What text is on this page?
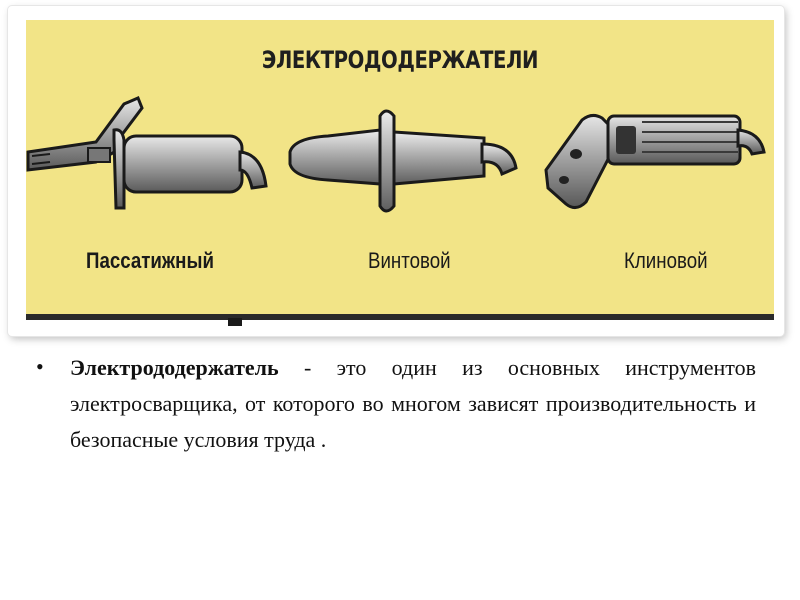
ЭЛЕКТРОДОДЕРЖАТЕЛИ
Пассатижный	Винтовой	Клиновой
• Электрододержатель - это один из основных инструментов электросварщика, от которого во многом зависят производительность и безопасные условия труда .
